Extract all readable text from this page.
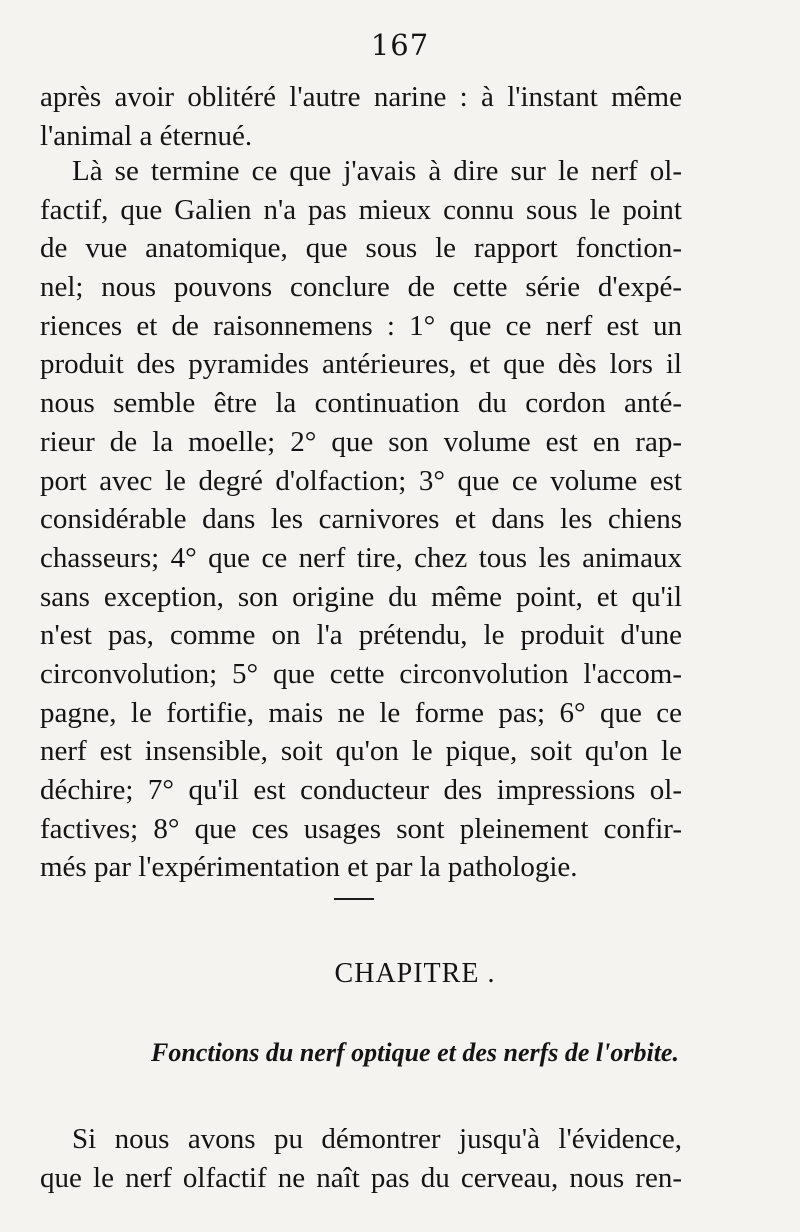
167
après avoir oblitéré l'autre narine : à l'instant même
l'animal a éternué.
Là se termine ce que j'avais à dire sur le nerf ol-
factif, que Galien n'a pas mieux connu sous le point
de vue anatomique, que sous le rapport fonction-
nel; nous pouvons conclure de cette série d'expé-
riences et de raisonnemens : 1° que ce nerf est un
produit des pyramides antérieures, et que dès lors il
nous semble être la continuation du cordon anté-
rieur de la moelle; 2° que son volume est en rap-
port avec le degré d'olfaction; 3° que ce volume est
considérable dans les carnivores et dans les chiens
chasseurs; 4° que ce nerf tire, chez tous les animaux
sans exception, son origine du même point, et qu'il
n'est pas, comme on l'a prétendu, le produit d'une
circonvolution; 5° que cette circonvolution l'accom-
pagne, le fortifie, mais ne le forme pas; 6° que ce
nerf est insensible, soit qu'on le pique, soit qu'on le
déchire; 7° qu'il est conducteur des impressions ol-
factives; 8° que ces usages sont pleinement confir-
més par l'expérimentation et par la pathologie.
CHAPITRE .
Fonctions du nerf optique et des nerfs de l'orbite.
Si nous avons pu démontrer jusqu'à l'évidence,
que le nerf olfactif ne naît pas du cerveau, nous ren-
